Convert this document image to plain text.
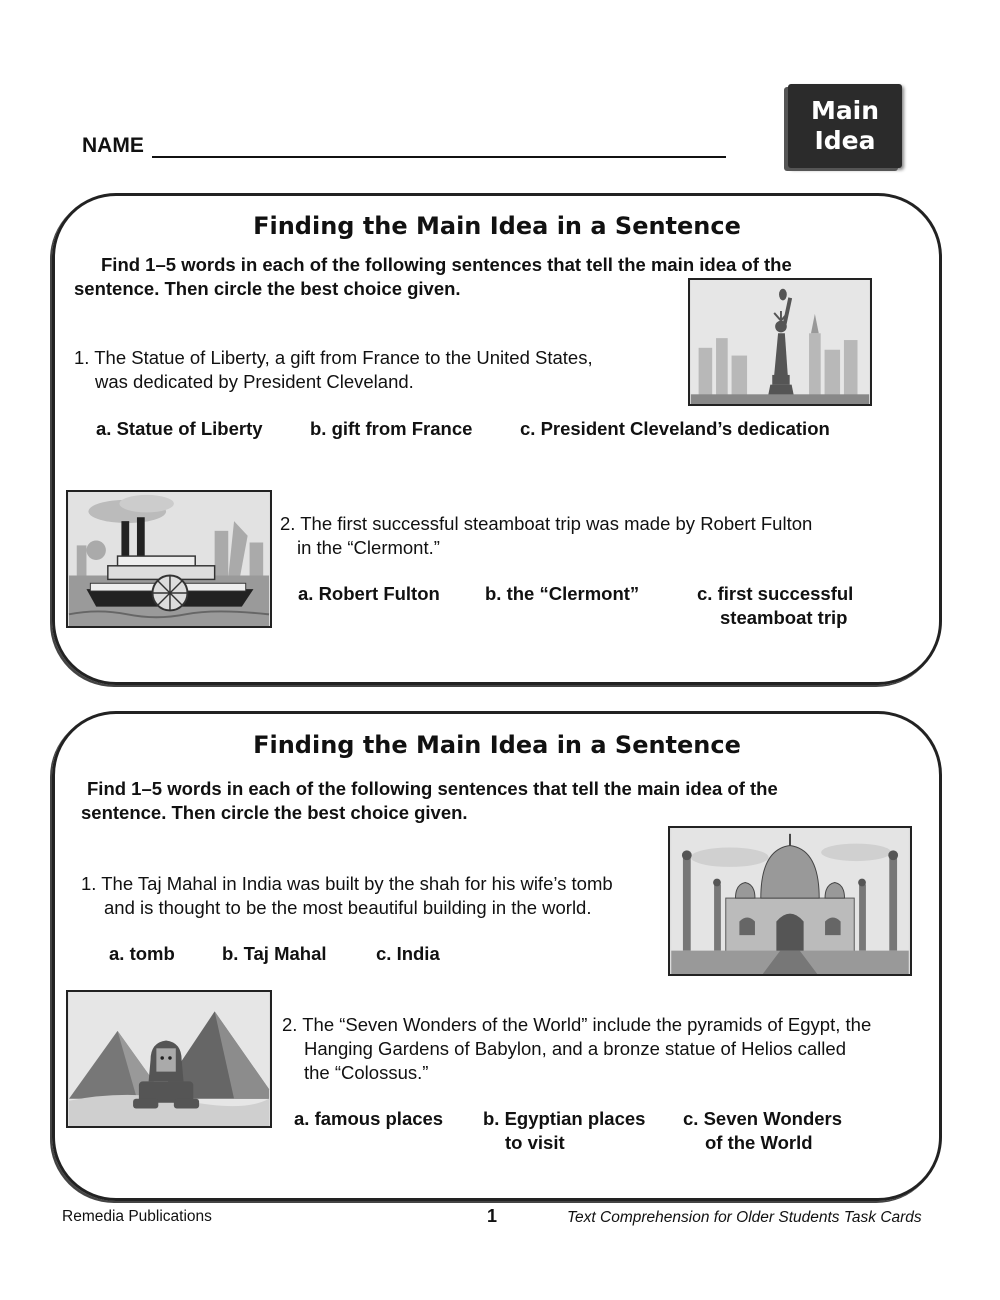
NAME
Main
Idea
Finding the Main Idea in a Sentence
Find 1–5 words in each of the following sentences that tell the main idea of the
sentence. Then circle the best choice given.
1. The Statue of Liberty, a gift from France to the United States,
was dedicated by President Cleveland.
a. Statue of Liberty	b. gift from France	c. President Cleveland’s dedication
2. The first successful steamboat trip was made by Robert Fulton
in the “Clermont.”
a. Robert Fulton b. the “Clermont”	c. first successful
steamboat trip
Finding the Main Idea in a Sentence
Find 1–5 words in each of the following sentences that tell the main idea of the
sentence. Then circle the best choice given.
1. The Taj Mahal in India was built by the shah for his wife’s tomb
and is thought to be the most beautiful building in the world.
a. tomb	b. Taj Mahal	c. India
2. The “Seven Wonders of the World” include the pyramids of Egypt, the
Hanging Gardens of Babylon, and a bronze statue of Helios called
the “Colossus.”
a. famous places b. Egyptian places
to visit
c. Seven Wonders
of the World
Remedia Publications	1	Text Comprehension for Older Students Task Cards
